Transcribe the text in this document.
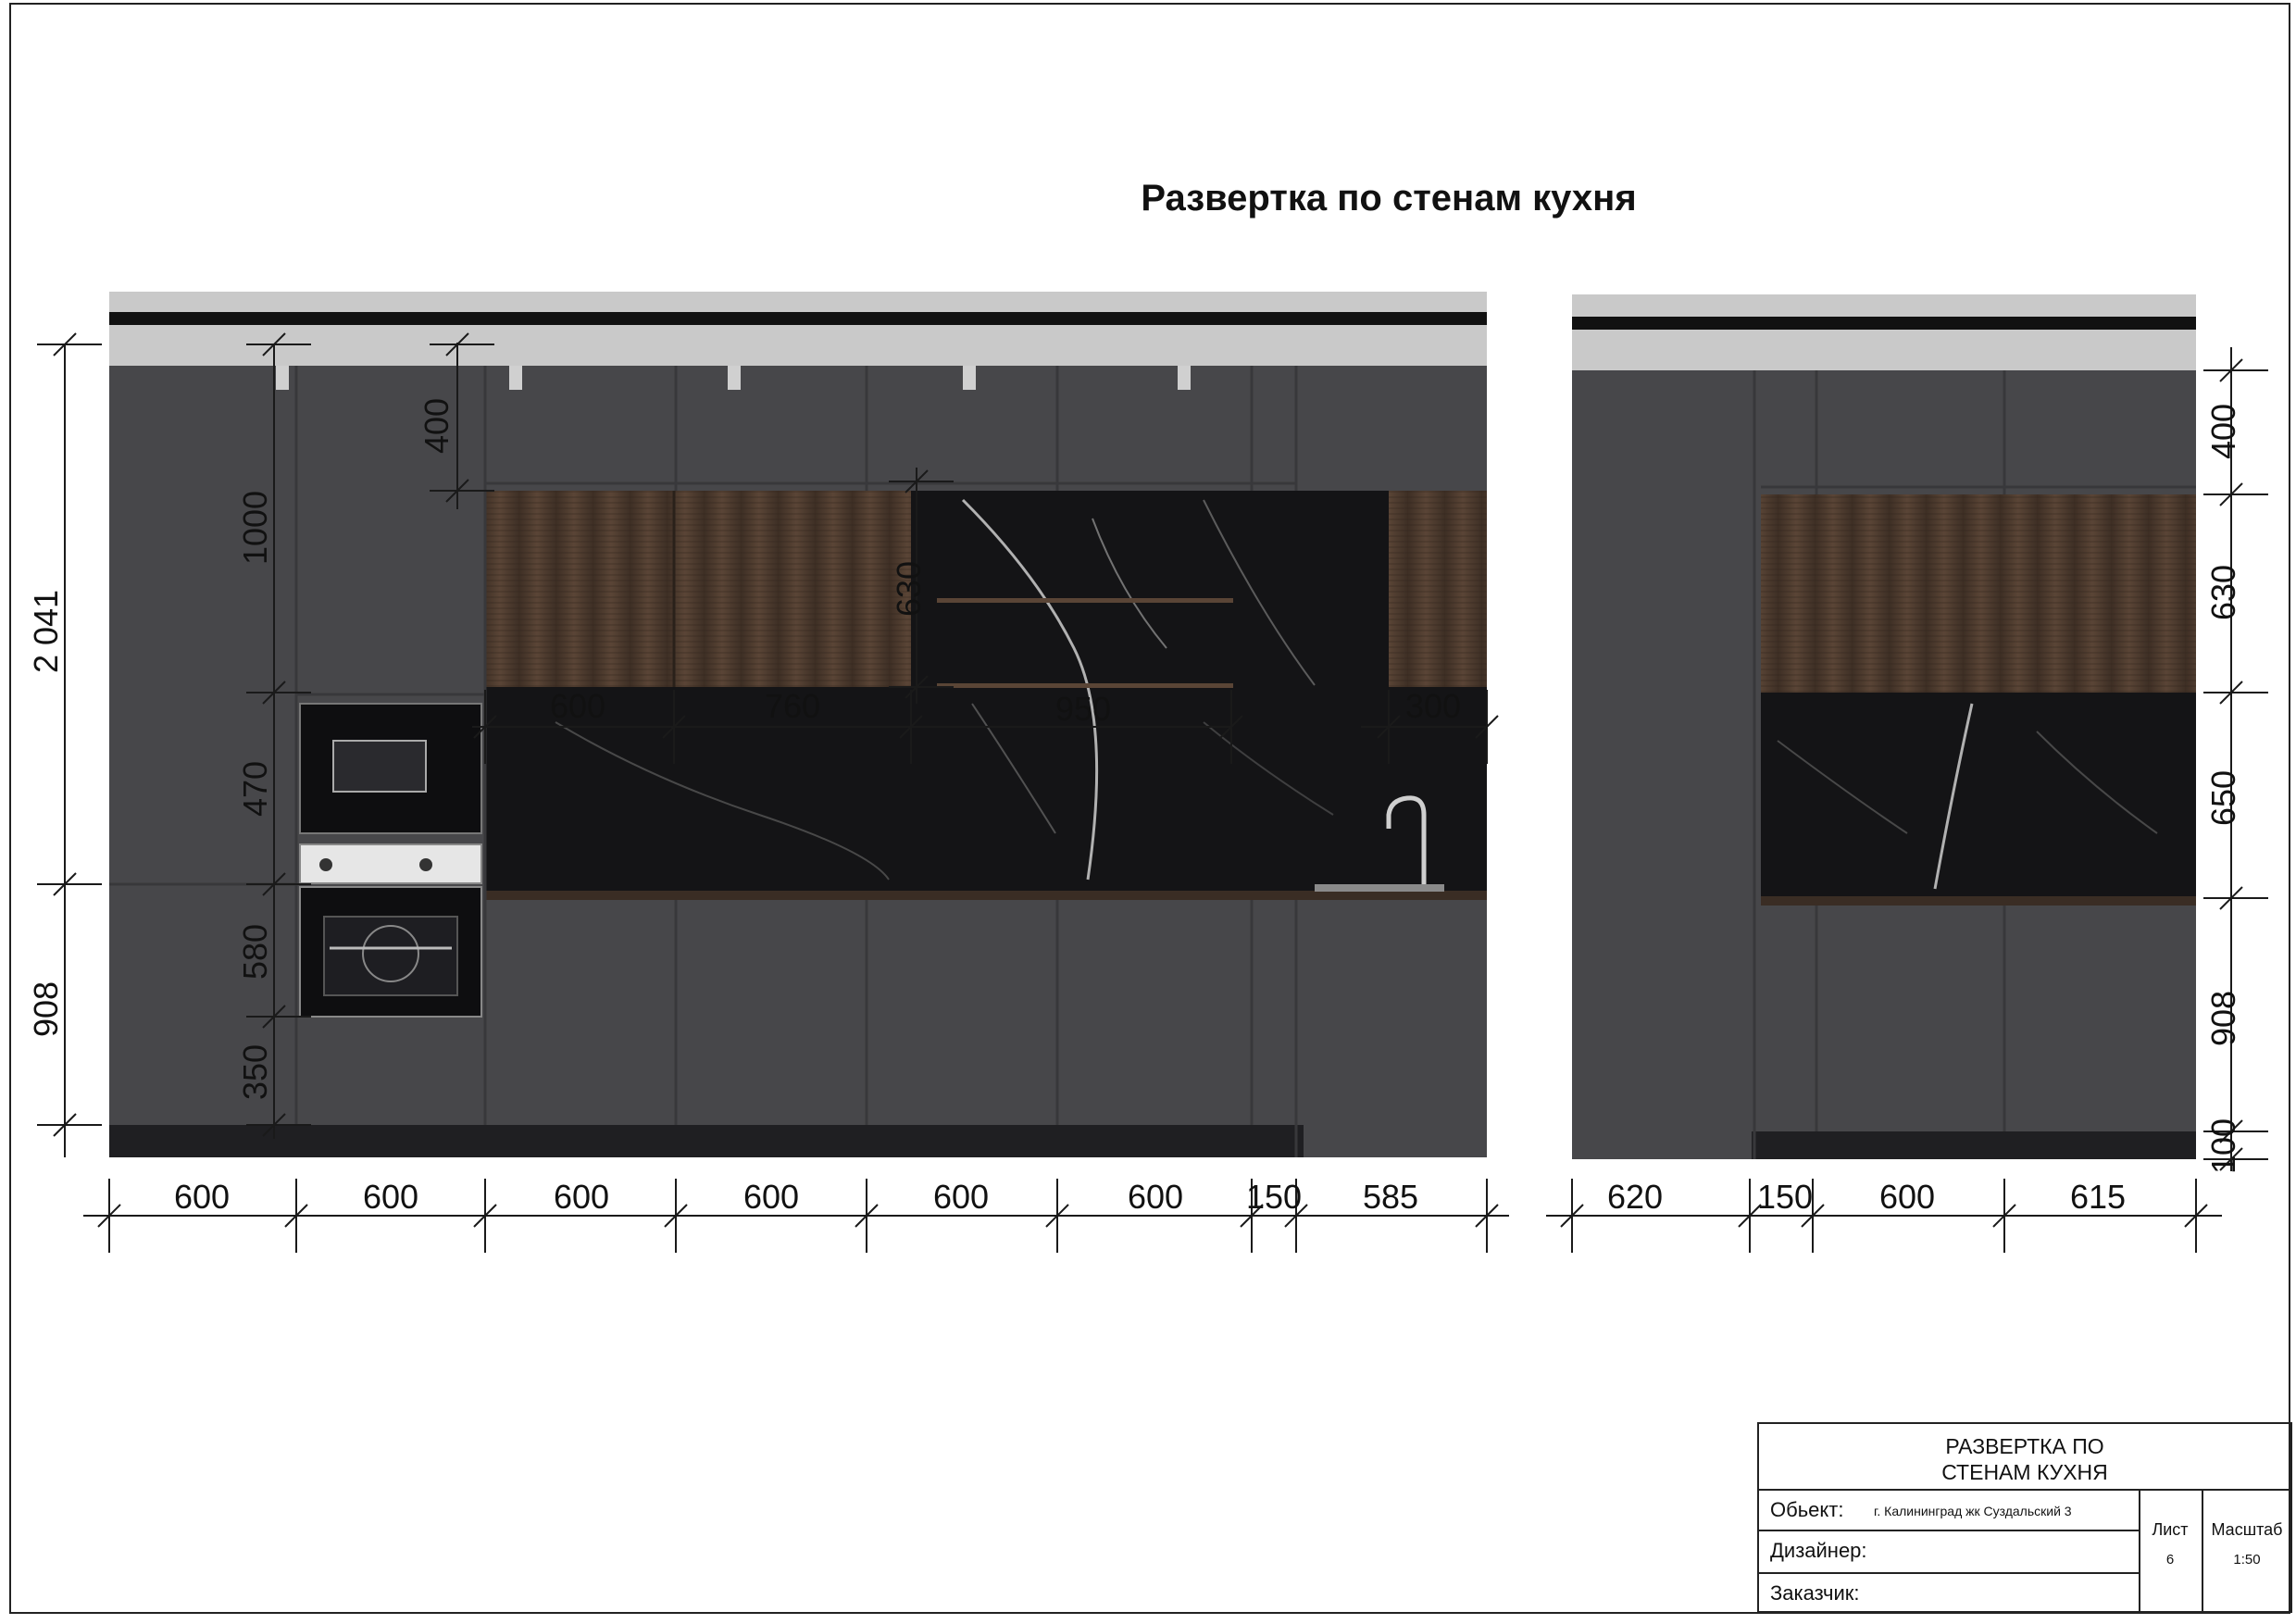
Развертка по стенам кухня
600	600	600	600	600	600 150 585
600	760	950	300
2 041
908
1000
470
580
350
400
630
620	150 600	615
400
630
650
908
100
РАЗВЕРТКА ПО
СТЕНАМ КУХНЯ
Обьект: г. Калининград жк Суздальский 3
Дизайнер:
Заказчик:
Лист
6
Масштаб
1:50
